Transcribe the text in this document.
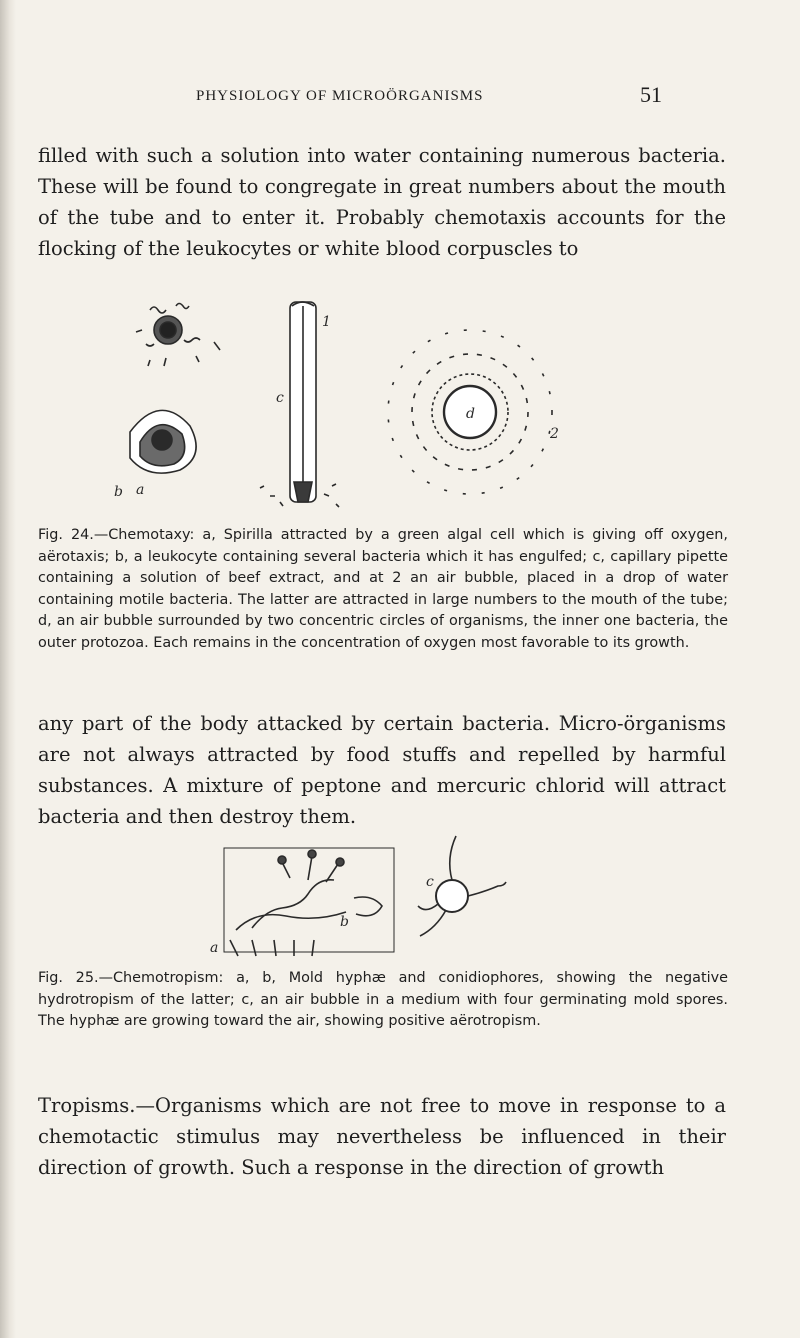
PHYSIOLOGY OF MICROÖRGANISMS	51
filled with such a solution into water containing numerous bacteria. These will be found to congregate in great numbers about the mouth of the tube and to enter it. Probably chemotaxis accounts for the flocking of the leukocytes or white blood corpuscles to
a
b
c
d
1
2
Fig. 24.—Chemotaxy: a, Spirilla attracted by a green algal cell which is giving off oxygen, aërotaxis; b, a leukocyte containing several bacteria which it has engulfed; c, capillary pipette containing a solution of beef extract, and at 2 an air bubble, placed in a drop of water containing motile bacteria. The latter are attracted in large numbers to the mouth of the tube; d, an air bubble surrounded by two concentric circles of organisms, the inner one bacteria, the outer protozoa. Each remains in the concentration of oxygen most favorable to its growth.
any part of the body attacked by certain bacteria. Micro-örganisms are not always attracted by food stuffs and repelled by harmful substances. A mixture of peptone and mercuric chlorid will attract bacteria and then destroy them.
a
b
c
Fig. 25.—Chemotropism: a, b, Mold hyphæ and conidiophores, showing the negative hydrotropism of the latter; c, an air bubble in a medium with four germinating mold spores. The hyphæ are growing toward the air, showing positive aërotropism.
Tropisms.—Organisms which are not free to move in response to a chemotactic stimulus may nevertheless be influenced in their direction of growth. Such a response in the direction of growth
